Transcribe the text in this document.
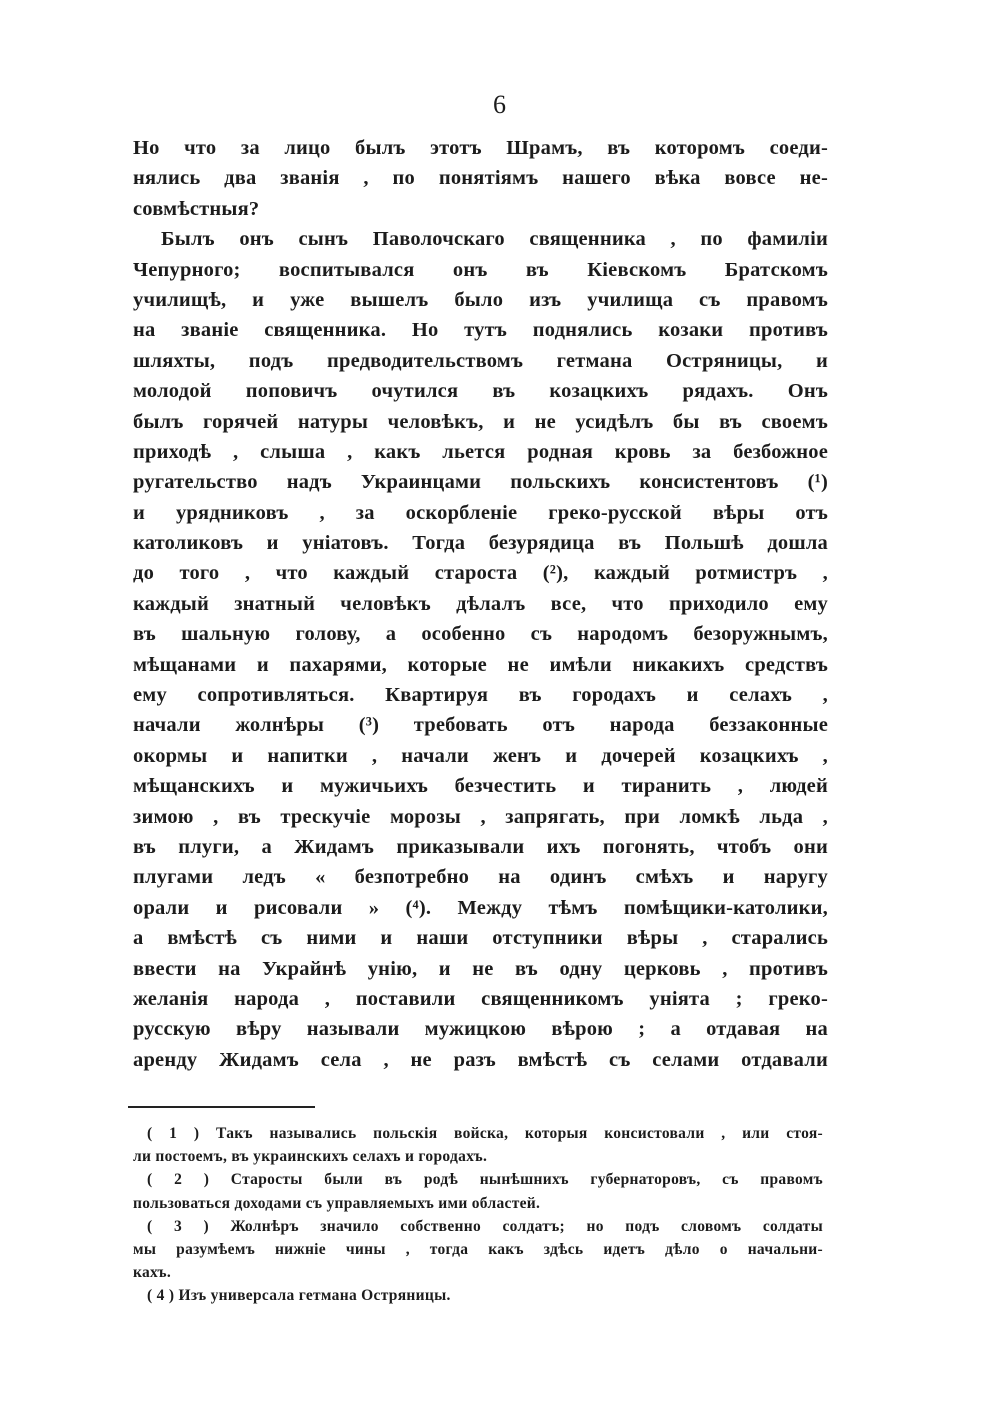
6
Но что за лицо былъ этотъ Шрамъ, въ которомъ соеди-
нялись два званія , по понятіямъ нашего вѣка вовсе не-
совмѣстныя?
Былъ онъ сынъ Паволочскаго священника , по фамиліи
Чепурного; воспитывался онъ въ Кіевскомъ Братскомъ
училищѣ, и уже вышелъ было изъ училища съ правомъ
на званіе священника. Но тутъ поднялись козаки противъ
шляхты, подъ предводительствомъ гетмана Остряницы, и
молодой поповичъ очутился въ козацкихъ рядахъ. Онъ
былъ горячей натуры человѣкъ, и не усидѣлъ бы въ своемъ
приходѣ , слыша , какъ льется родная кровь за безбожное
ругательство надъ Украинцами польскихъ консистентовъ (¹)
и урядниковъ , за оскорбленіе греко-русской вѣры отъ
католиковъ и уніатовъ. Тогда безурядица въ Польшѣ дошла
до того , что каждый староста (²), каждый ротмистръ ,
каждый знатный человѣкъ дѣлалъ все, что приходило ему
въ шальную голову, а особенно съ народомъ безоружнымъ,
мѣщанами и пахарями, которые не имѣли никакихъ средствъ
ему сопротивляться. Квартируя въ городахъ и селахъ ,
начали жолнѣры (³) требовать отъ народа беззаконные
окормы и напитки , начали женъ и дочерей козацкихъ ,
мѣщанскихъ и мужичьихъ безчестить и тиранить , людей
зимою , въ трескучіе морозы , запрягать, при ломкѣ льда ,
въ плуги, а Жидамъ приказывали ихъ погонять, чтобъ они
плугами ледъ « безпотребно на одинъ смѣхъ и наругу
орали и рисовали » (⁴). Между тѣмъ помѣщики-католики,
а вмѣстѣ съ ними и наши отступники вѣры , старались
ввести на Украйнѣ унію, и не въ одну церковь , противъ
желанія народа , поставили священникомъ уніята ; греко-
русскую вѣру называли мужицкою вѣрою ; а отдавая на
аренду Жидамъ села , не разъ вмѣстѣ съ селами отдавали
( 1 ) Такъ назывались польскія войска, которыя консистовали , или стоя-
ли постоемъ, въ украинскихъ селахъ и городахъ.
( 2 ) Старосты были въ родѣ нынѣшнихъ губернаторовъ, съ правомъ
пользоваться доходами съ управляемыхъ ими областей.
( 3 ) Жолнѣръ значило собственно солдатъ; но подъ словомъ солдаты
мы разумѣемъ нижніе чины , тогда какъ здѣсь идетъ дѣло о начальни-
кахъ.
( 4 ) Изъ универсала гетмана Остряницы.
